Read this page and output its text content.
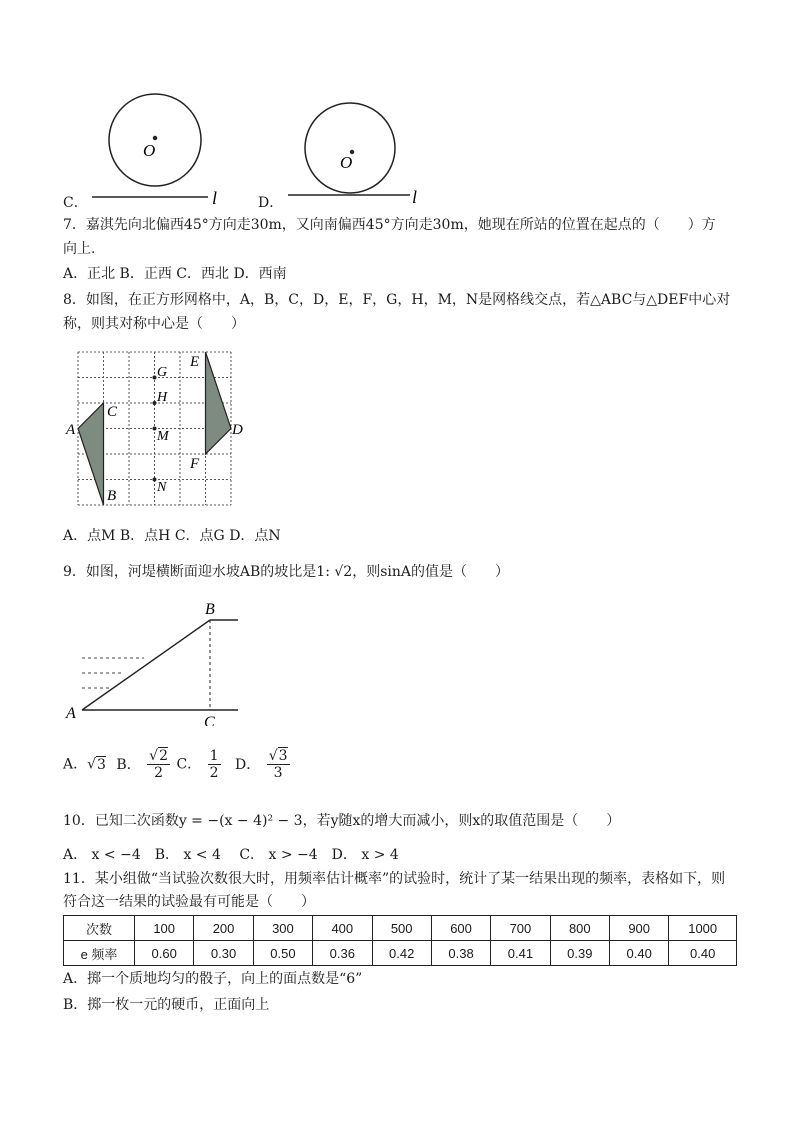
O
l
O
l
C．	D．
7．嘉淇先向北偏西45°方向走30m，又向南偏西45°方向走30m，她现在所站的位置在起点的（　　）方
向上.
A．正北 B．正西 C．西北 D．西南
8．如图，在正方形网格中，A，B，C，D，E，F，G，H，M，N是网格线交点，若△ABC与△DEF中心对
称，则其对称中心是（　　）
A
B
C
D
E
F
G
H
M
N
A．点M B．点H C．点G D．点N
9．如图，河堤横断面迎水坡AB的坡比是1: √2，则sinA的值是（　　）
A
B
C
A．√3 B． $\frac{√2}{2}$ C． $\frac{1}{2}$ D． $\frac{√3}{3}$
10．已知二次函数y = −(x − 4)² − 3，若y随x的增大而减小，则x的取值范围是（　　）
A． x < −4　B． x < 4　 C． x > −4　D． x > 4
11．某小组做“当试验次数很大时，用频率估计概率”的试验时，统计了某一结果出现的频率，表格如下，则
符合这一结果的试验最有可能是（　　）
次数	100	200	300	400	500	600	700	800	900	1000
e 频率	0.60	0.30	0.50	0.36	0.42	0.38	0.41	0.39	0.40	0.40
A．掷一个质地均匀的骰子，向上的面点数是“6”
B．掷一枚一元的硬币，正面向上
